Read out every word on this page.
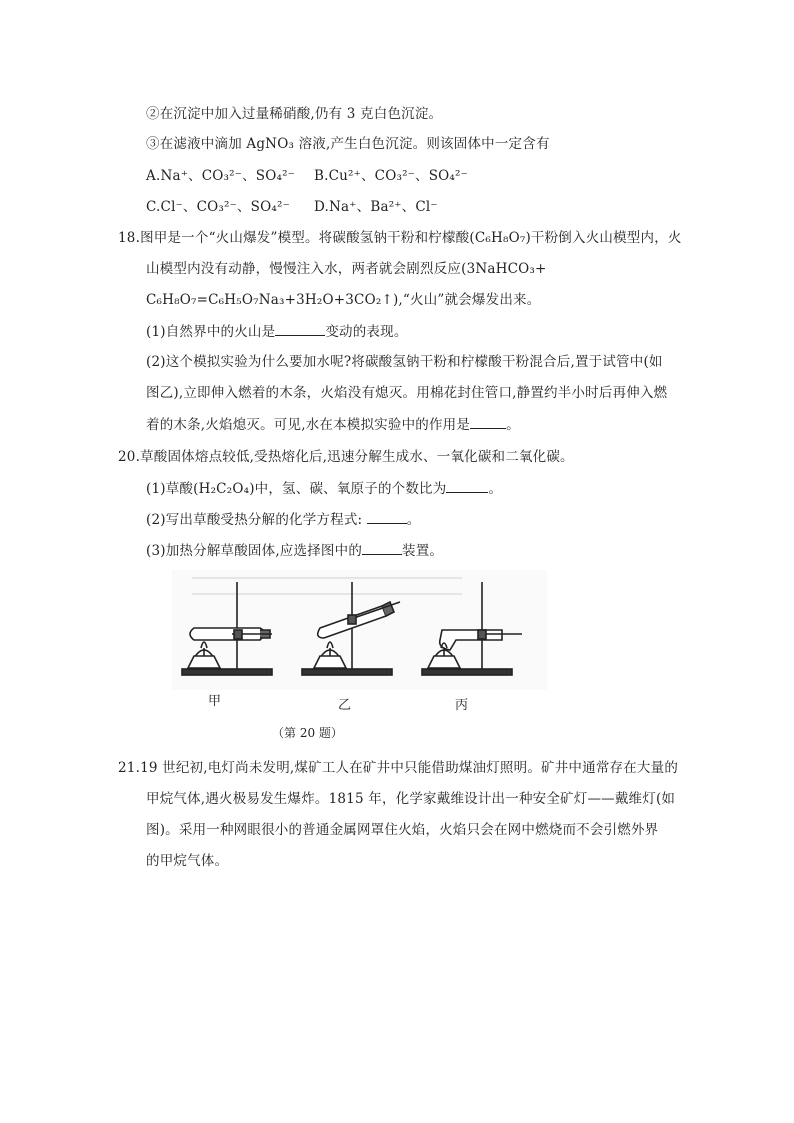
②在沉淀中加入过量稀硝酸,仍有 3 克白色沉淀。
③在滤液中滴加 AgNO₃ 溶液,产生白色沉淀。则该固体中一定含有
A.Na⁺、CO₃²⁻、SO₄²⁻ B.Cu²⁺、CO₃²⁻、SO₄²⁻
C.Cl⁻、CO₃²⁻、SO₄²⁻ D.Na⁺、Ba²⁺、Cl⁻
18.图甲是一个“火山爆发”模型。将碳酸氢钠干粉和柠檬酸(C₆H₈O₇)干粉倒入火山模型内，火
山模型内没有动静，慢慢注入水，两者就会剧烈反应(3NaHCO₃+
C₆H₈O₇=C₆H₅O₇Na₃+3H₂O+3CO₂↑),“火山”就会爆发出来。
(1)自然界中的火山是	变动的表现。
(2)这个模拟实验为什么要加水呢?将碳酸氢钠干粉和柠檬酸干粉混合后,置于试管中(如
图乙),立即伸入燃着的木条，火焰没有熄灭。用棉花封住管口,静置约半小时后再伸入燃
着的木条,火焰熄灭。可见,水在本模拟实验中的作用是	。
20.草酸固体熔点较低,受热熔化后,迅速分解生成水、一氧化碳和二氧化碳。
(1)草酸(H₂C₂O₄)中，氢、碳、氧原子的个数比为	。
(2)写出草酸受热分解的化学方程式:	。
(3)加热分解草酸固体,应选择图中的	装置。
甲	乙	丙
（第 20 题）
21.19 世纪初,电灯尚未发明,煤矿工人在矿井中只能借助煤油灯照明。矿井中通常存在大量的
甲烷气体,遇火极易发生爆炸。1815 年，化学家戴维设计出一种安全矿灯——戴维灯(如
图)。采用一种网眼很小的普通金属网罩住火焰，火焰只会在网中燃烧而不会引燃外界
的甲烷气体。
